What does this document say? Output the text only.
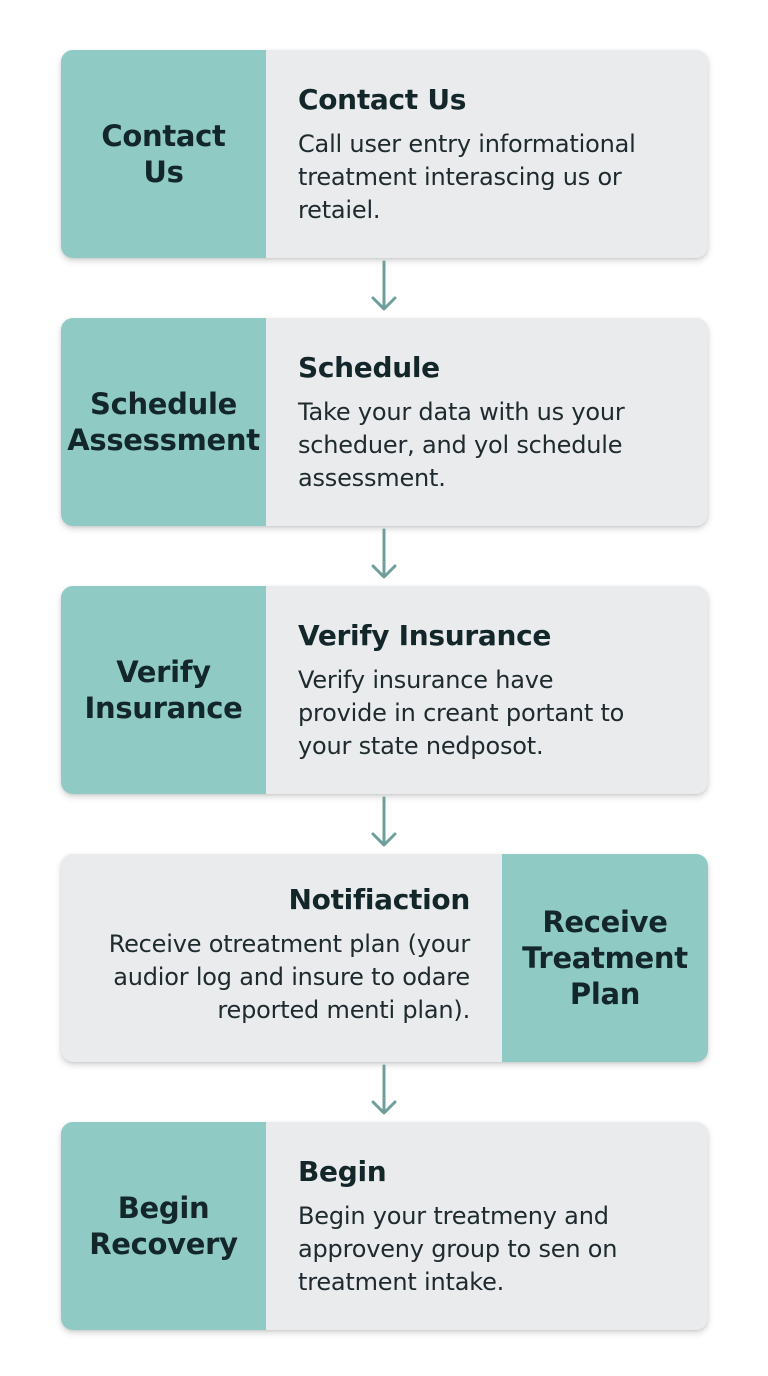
Contact
Us
Contact Us
Call user entry informational
treatment interascing us or
retaiel.
Schedule
Assessment
Schedule
Take your data with us your
scheduer, and yol schedule
assessment.
Verify
Insurance
Verify Insurance
Verify insurance have
provide in creant portant to
your state nedposot.
Receive
Treatment
Plan
Notifiaction
Receive otreatment plan (your
audior log and insure to odare
reported menti plan).
Begin
Recovery
Begin
Begin your treatmeny and
approveny group to sen on
treatment intake.
